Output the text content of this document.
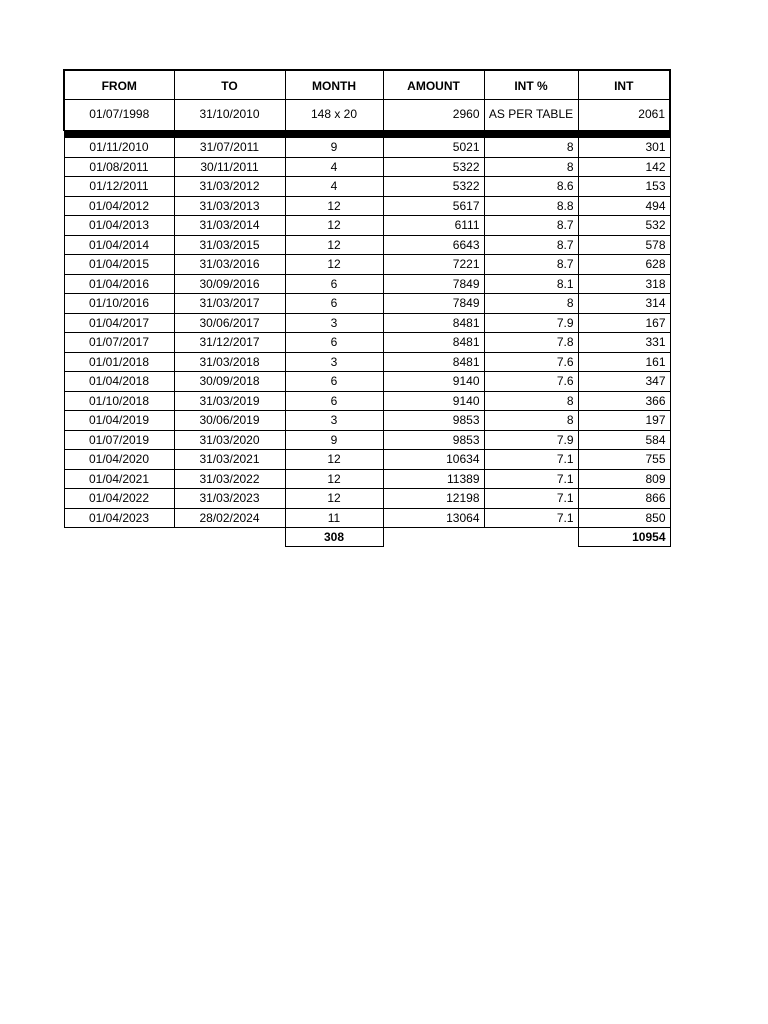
FROM	TO	MONTH	AMOUNT	INT %	INT
01/07/1998	31/10/2010	148 x 20	2960	AS PER TABLE	2061

01/11/2010	31/07/2011	9	5021	8	301
01/08/2011	30/11/2011	4	5322	8	142
01/12/2011	31/03/2012	4	5322	8.6	153
01/04/2012	31/03/2013	12	5617	8.8	494
01/04/2013	31/03/2014	12	6111	8.7	532
01/04/2014	31/03/2015	12	6643	8.7	578
01/04/2015	31/03/2016	12	7221	8.7	628
01/04/2016	30/09/2016	6	7849	8.1	318
01/10/2016	31/03/2017	6	7849	8	314
01/04/2017	30/06/2017	3	8481	7.9	167
01/07/2017	31/12/2017	6	8481	7.8	331
01/01/2018	31/03/2018	3	8481	7.6	161
01/04/2018	30/09/2018	6	9140	7.6	347
01/10/2018	31/03/2019	6	9140	8	366
01/04/2019	30/06/2019	3	9853	8	197
01/07/2019	31/03/2020	9	9853	7.9	584
01/04/2020	31/03/2021	12	10634	7.1	755
01/04/2021	31/03/2022	12	11389	7.1	809
01/04/2022	31/03/2023	12	12198	7.1	866
01/04/2023	28/02/2024	11	13064	7.1	850
		308			10954
